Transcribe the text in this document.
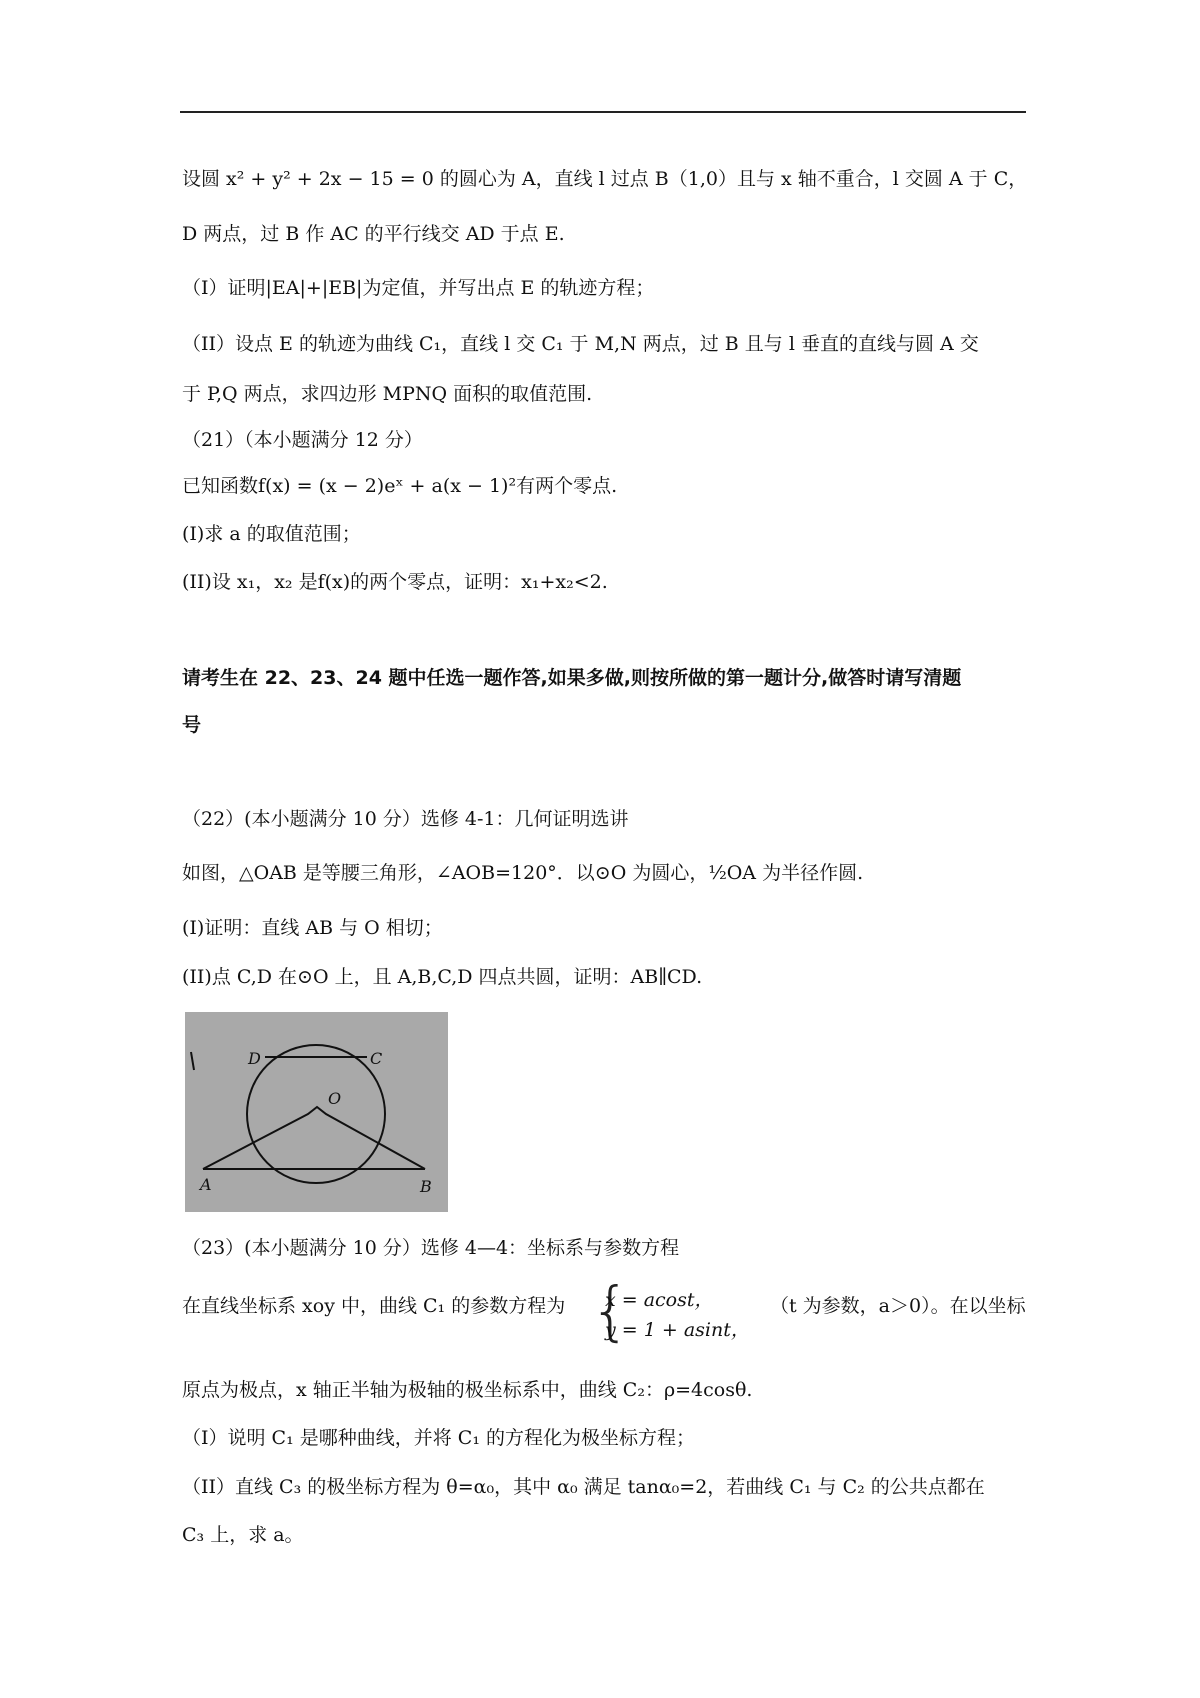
设圆 x² + y² + 2x − 15 = 0 的圆心为 A，直线 l 过点 B（1,0）且与 x 轴不重合，l 交圆 A 于 C，
D 两点，过 B 作 AC 的平行线交 AD 于点 E.
（I）证明|EA|+|EB|为定值，并写出点 E 的轨迹方程；
（II）设点 E 的轨迹为曲线 C₁，直线 l 交 C₁ 于 M,N 两点，过 B 且与 l 垂直的直线与圆 A 交
于 P,Q 两点，求四边形 MPNQ 面积的取值范围.
（21）（本小题满分 12 分）
已知函数f(x) = (x − 2)eˣ + a(x − 1)²有两个零点.
(I)求 a 的取值范围；
(II)设 x₁，x₂ 是f(x)的两个零点，证明：x₁+x₂<2.
请考生在 22、23、24 题中任选一题作答,如果多做,则按所做的第一题计分,做答时请写清题
号
（22）(本小题满分 10 分）选修 4-1：几何证明选讲
如图，△OAB 是等腰三角形，∠AOB=120°．以⊙O 为圆心，½OA 为半径作圆.
(I)证明：直线 AB 与 O 相切；
(II)点 C,D 在⊙O 上，且 A,B,C,D 四点共圆，证明：AB∥CD.
D	C
O
A	B
（23）(本小题满分 10 分）选修 4—4：坐标系与参数方程
在直线坐标系 xoy 中，曲线 C₁ 的参数方程为 {
x = acost，
y = 1 + asint，
（t 为参数，a＞0）。在以坐标
原点为极点，x 轴正半轴为极轴的极坐标系中，曲线 C₂：ρ=4cosθ.
（I）说明 C₁ 是哪种曲线，并将 C₁ 的方程化为极坐标方程；
（II）直线 C₃ 的极坐标方程为 θ=α₀，其中 α₀ 满足 tanα₀=2，若曲线 C₁ 与 C₂ 的公共点都在
C₃ 上，求 a。
